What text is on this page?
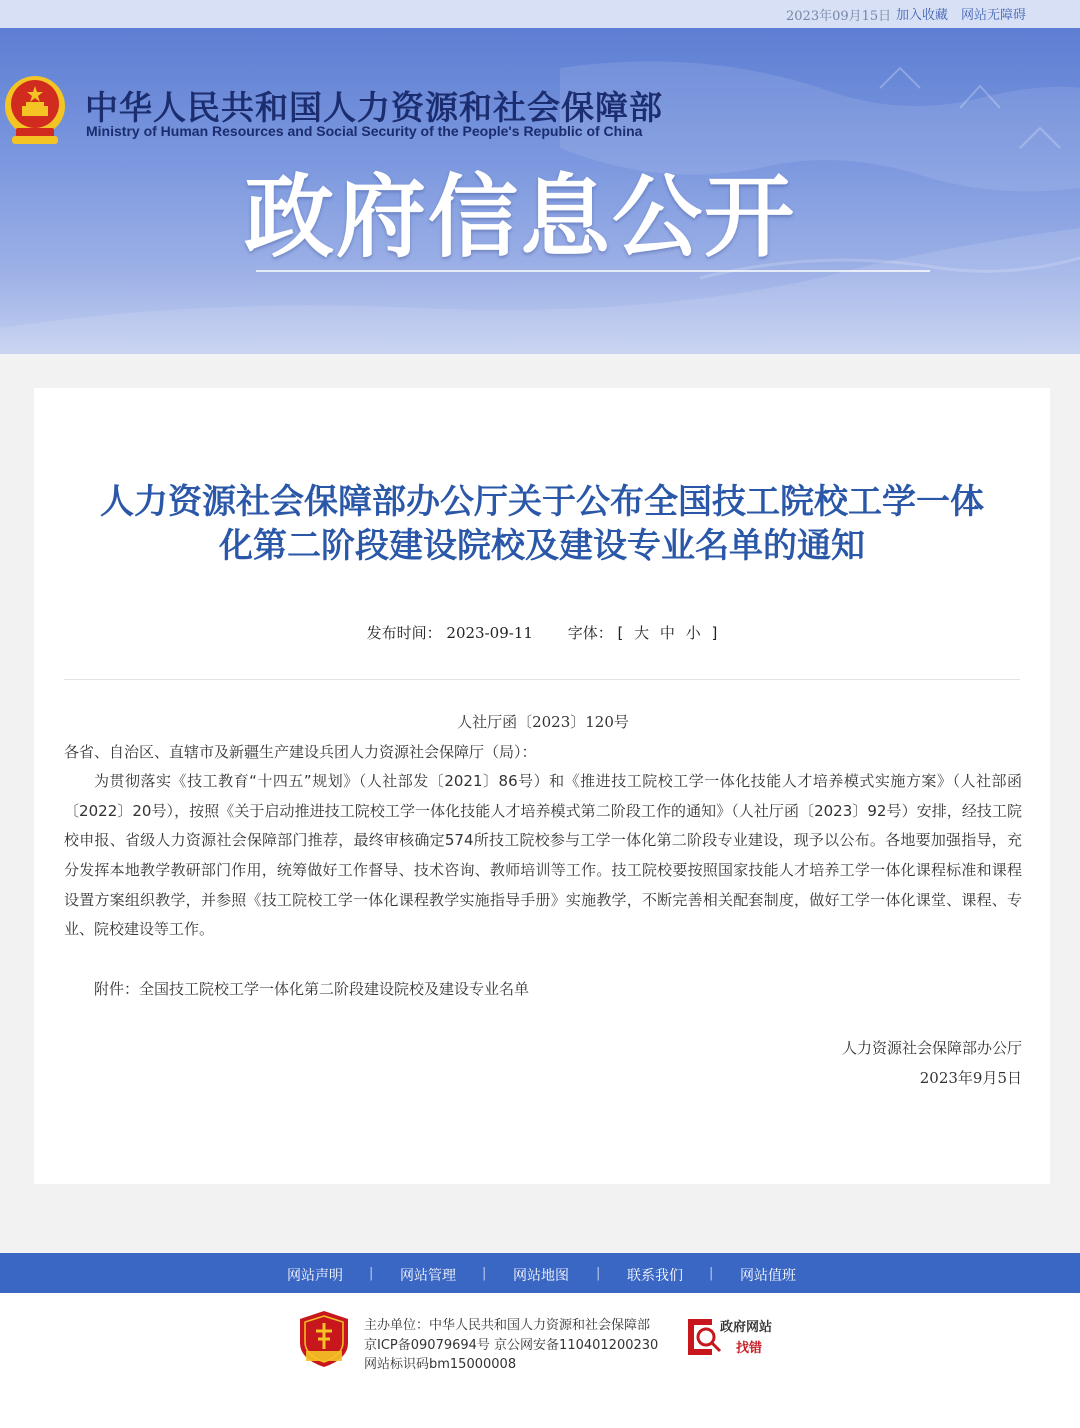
2023年09月15日 加入收藏 网站无障碍
中华人民共和国人力资源和社会保障部
Ministry of Human Resources and Social Security of the People's Republic of China
政府信息公开
人力资源社会保障部办公厅关于公布全国技工院校工学一体
化第二阶段建设院校及建设专业名单的通知
发布时间： 2023-09-11 字体： [ 大 中 小 ]

人社厅函〔2023〕120号

各省、自治区、直辖市及新疆生产建设兵团人力资源社会保障厅（局）：

为贯彻落实《技工教育“十四五”规划》（人社部发〔2021〕86号）和《推进技工院校工学一体化技能人才培养模式实施方案》（人社部函〔2022〕20号），按照《关于启动推进技工院校工学一体化技能人才培养模式第二阶段工作的通知》（人社厅函〔2023〕92号）安排，经技工院校申报、省级人力资源社会保障部门推荐，最终审核确定574所技工院校参与工学一体化第二阶段专业建设，现予以公布。各地要加强指导，充分发挥本地教学教研部门作用，统筹做好工作督导、技术咨询、教师培训等工作。技工院校要按照国家技能人才培养工学一体化课程标准和课程设置方案组织教学，并参照《技工院校工学一体化课程教学实施指导手册》实施教学，不断完善相关配套制度，做好工学一体化课堂、课程、专业、院校建设等工作。

附件：全国技工院校工学一体化第二阶段建设院校及建设专业名单

人力资源社会保障部办公厅

2023年9月5日

网站声明 | 网站管理 | 网站地图 | 联系我们 | 网站值班
主办单位：中华人民共和国人力资源和社会保障部
京ICP备09079694号 京公网安备110401200230
网站标识码bm15000008
政府网站
找错
